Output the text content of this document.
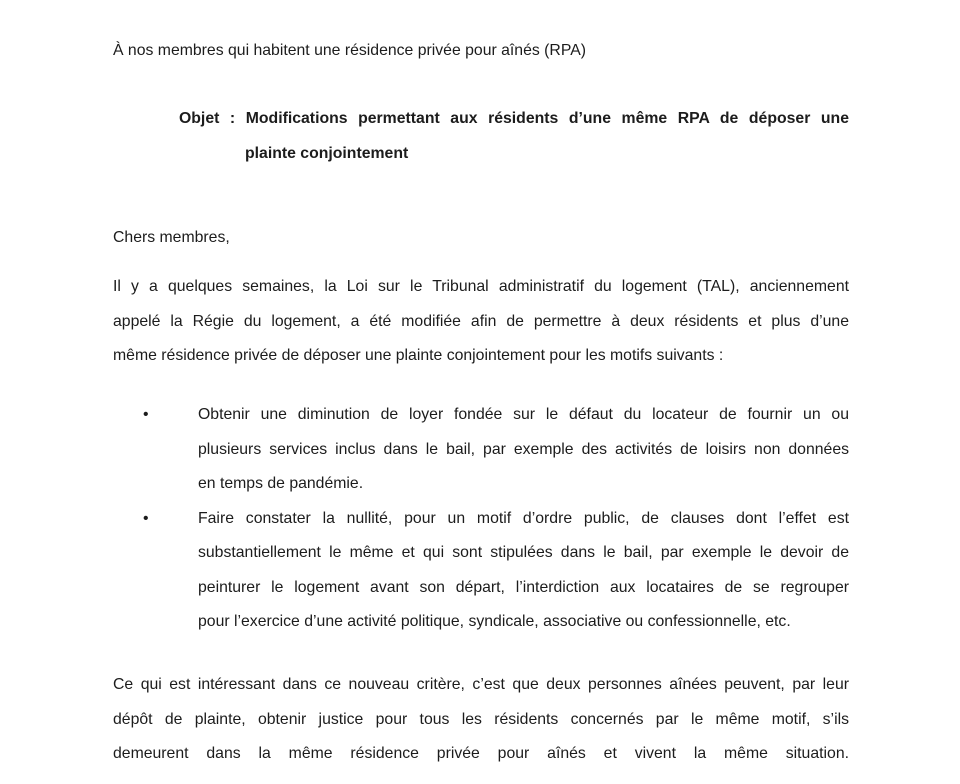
À nos membres qui habitent une résidence privée pour aînés (RPA)
Objet : Modifications permettant aux résidents d’une même RPA de déposer une
plainte conjointement
Chers membres,
Il y a quelques semaines, la Loi sur le Tribunal administratif du logement (TAL), anciennement
appelé la Régie du logement, a été modifiée afin de permettre à deux résidents et plus d’une
même résidence privée de déposer une plainte conjointement pour les motifs suivants :
•	Obtenir une diminution de loyer fondée sur le défaut du locateur de fournir un ou
plusieurs services inclus dans le bail, par exemple des activités de loisirs non données
en temps de pandémie.
•	Faire constater la nullité, pour un motif d’ordre public, de clauses dont l’effet est
substantiellement le même et qui sont stipulées dans le bail, par exemple le devoir de
peinturer le logement avant son départ, l’interdiction aux locataires de se regrouper
pour l’exercice d’une activité politique, syndicale, associative ou confessionnelle, etc.
Ce qui est intéressant dans ce nouveau critère, c’est que deux personnes aînées peuvent, par leur
dépôt de plainte, obtenir justice pour tous les résidents concernés par le même motif, s’ils
demeurent dans la même résidence privée pour aînés et vivent la même situation.
